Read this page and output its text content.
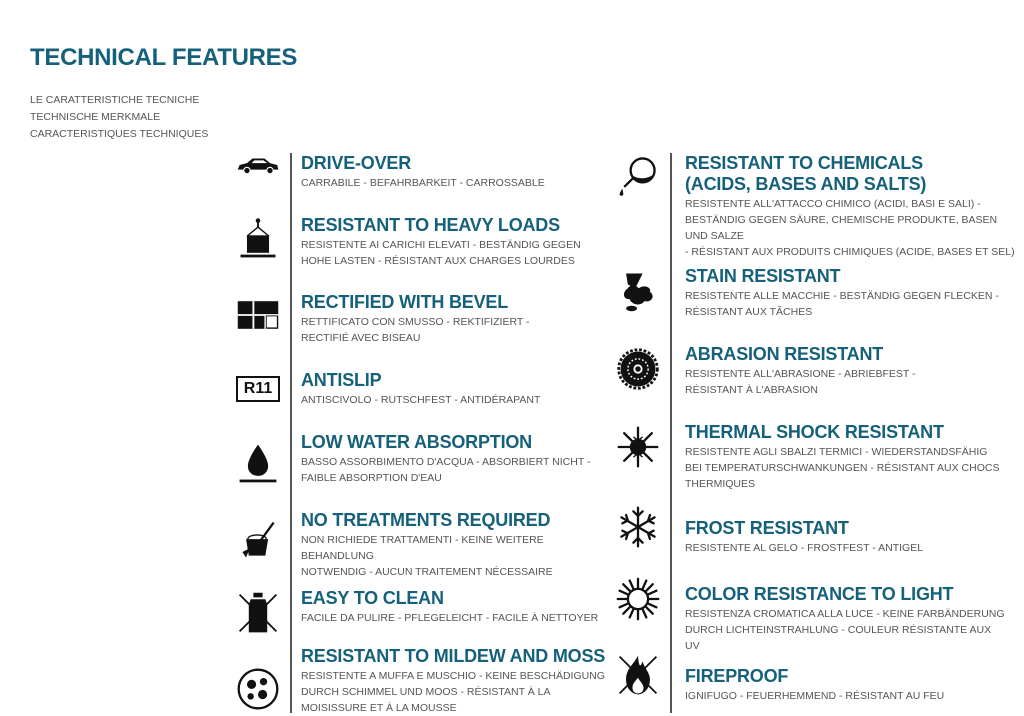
TECHNICAL FEATURES
LE CARATTERISTICHE TECNICHE
TECHNISCHE MERKMALE
CARACTERISTIQUES TECHNIQUES
DRIVE-OVER
CARRABILE - BEFAHRBARKEIT - CARROSSABLE
RESISTANT TO HEAVY LOADS
RESISTENTE AI CARICHI ELEVATI - BESTÄNDIG GEGEN
HOHE LASTEN - RÉSISTANT AUX CHARGES LOURDES
RECTIFIED WITH BEVEL
RETTIFICATO CON SMUSSO - REKTIFIZIERT -
RECTIFIÉ AVEC BISEAU
R11	ANTISLIP
ANTISCIVOLO - RUTSCHFEST - ANTIDÉRAPANT
LOW WATER ABSORPTION
BASSO ASSORBIMENTO D'ACQUA - ABSORBIERT NICHT -
FAIBLE ABSORPTION D'EAU
NO TREATMENTS REQUIRED
NON RICHIEDE TRATTAMENTI - KEINE WEITERE BEHANDLUNG
NOTWENDIG - AUCUN TRAITEMENT NÉCESSAIRE
EASY TO CLEAN
FACILE DA PULIRE - PFLEGELEICHT - FACILE À NETTOYER
RESISTANT TO MILDEW AND MOSS
RESISTENTE A MUFFA E MUSCHIO - KEINE BESCHÄDIGUNG
DURCH SCHIMMEL UND MOOS - RÉSISTANT À LA
MOISISSURE ET À LA MOUSSE
RESISTANT TO CHEMICALS
(ACIDS, BASES AND SALTS)
RESISTENTE ALL'ATTACCO CHIMICO (ACIDI, BASI E SALI) -
BESTÄNDIG GEGEN SÄURE, CHEMISCHE PRODUKTE, BASEN UND SALZE
- RÉSISTANT AUX PRODUITS CHIMIQUES (ACIDE, BASES ET SEL)
STAIN RESISTANT
RESISTENTE ALLE MACCHIE - BESTÄNDIG GEGEN FLECKEN -
RÉSISTANT AUX TÂCHES
ABRASION RESISTANT
RESISTENTE ALL'ABRASIONE - ABRIEBFEST -
RÉSISTANT À L'ABRASION
THERMAL SHOCK RESISTANT
RESISTENTE AGLI SBALZI TERMICI - WIEDERSTANDSFÄHIG
BEI TEMPERATURSCHWANKUNGEN - RÉSISTANT AUX CHOCS
THERMIQUES
FROST RESISTANT
RESISTENTE AL GELO - FROSTFEST - ANTIGEL
COLOR RESISTANCE TO LIGHT
RESISTENZA CROMATICA ALLA LUCE - KEINE FARBÄNDERUNG
DURCH LICHTEINSTRAHLUNG - COULEUR RÉSISTANTE AUX UV
FIREPROOF
IGNIFUGO - FEUERHEMMEND - RÉSISTANT AU FEU
